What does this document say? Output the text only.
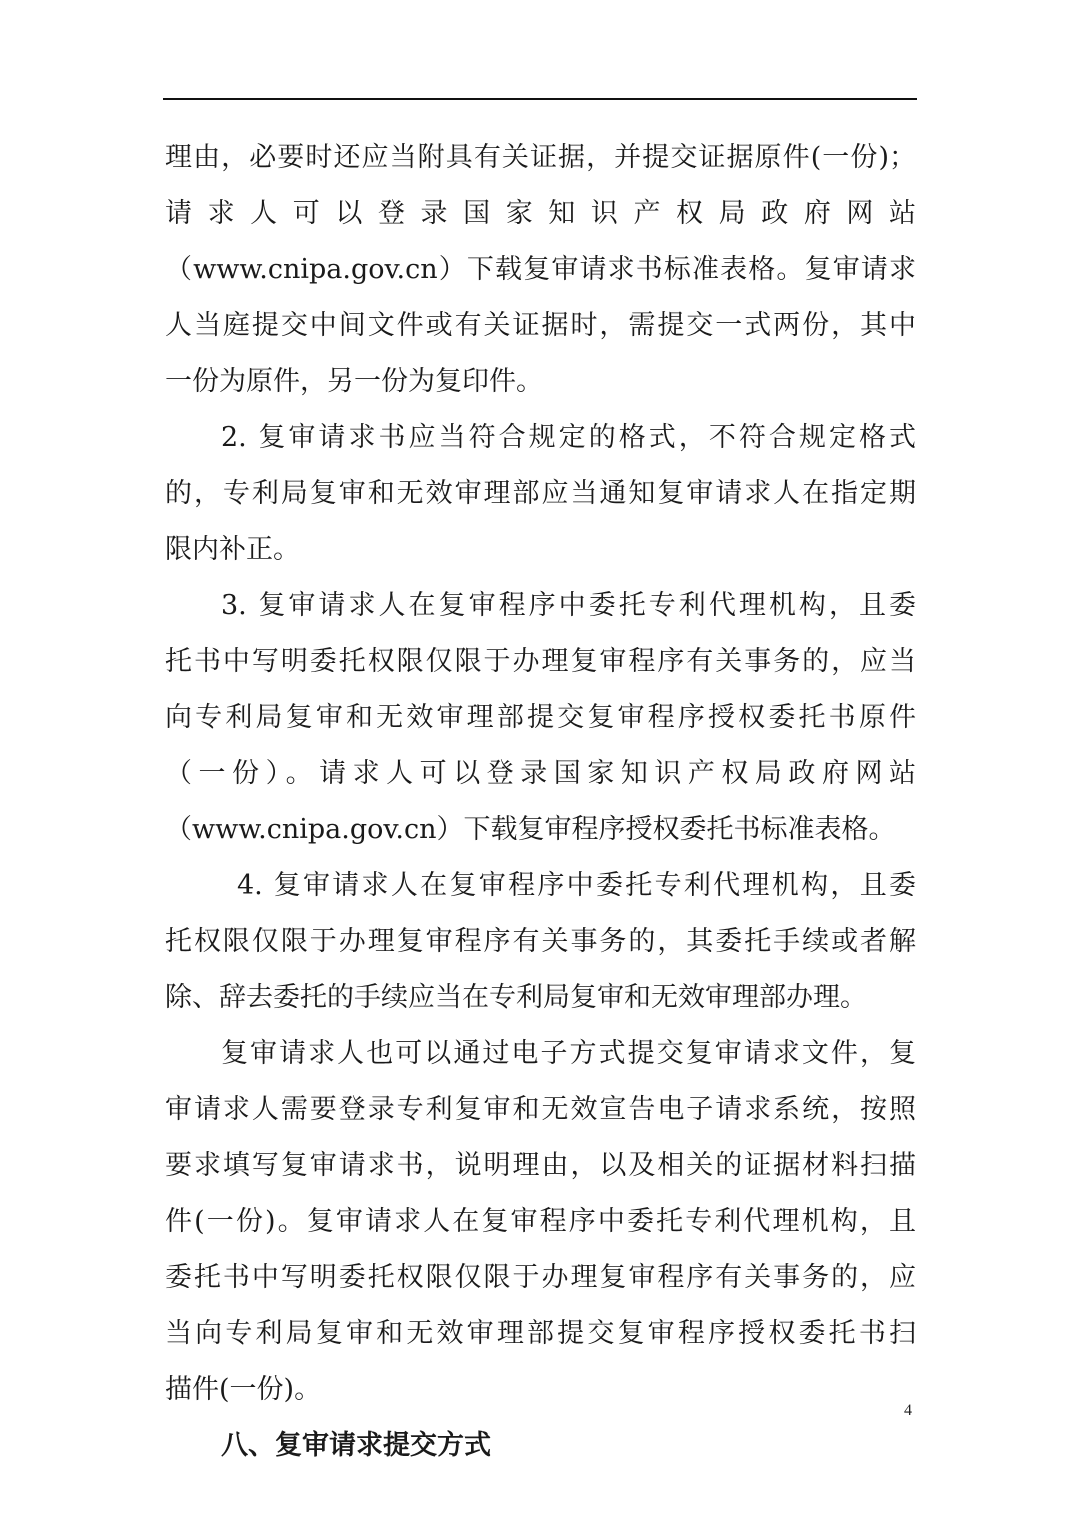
理由，必要时还应当附具有关证据，并提交证据原件(一份)；
请 求 人 可 以 登 录 国 家 知 识 产 权 局 政 府 网 站
（www.cnipa.gov.cn）下载复审请求书标准表格。复审请求
人当庭提交中间文件或有关证据时，需提交一式两份，其中
一份为原件，另一份为复印件。
2. 复审请求书应当符合规定的格式，不符合规定格式
的，专利局复审和无效审理部应当通知复审请求人在指定期
限内补正。
3. 复审请求人在复审程序中委托专利代理机构，且委
托书中写明委托权限仅限于办理复审程序有关事务的，应当
向专利局复审和无效审理部提交复审程序授权委托书原件
（一份）。请求人可以登录国家知识产权局政府网站
（www.cnipa.gov.cn）下载复审程序授权委托书标准表格。
4. 复审请求人在复审程序中委托专利代理机构，且委
托权限仅限于办理复审程序有关事务的，其委托手续或者解
除、辞去委托的手续应当在专利局复审和无效审理部办理。
复审请求人也可以通过电子方式提交复审请求文件，复
审请求人需要登录专利复审和无效宣告电子请求系统，按照
要求填写复审请求书，说明理由，以及相关的证据材料扫描
件(一份)。复审请求人在复审程序中委托专利代理机构，且
委托书中写明委托权限仅限于办理复审程序有关事务的，应
当向专利局复审和无效审理部提交复审程序授权委托书扫
描件(一份)。
八、复审请求提交方式
4
